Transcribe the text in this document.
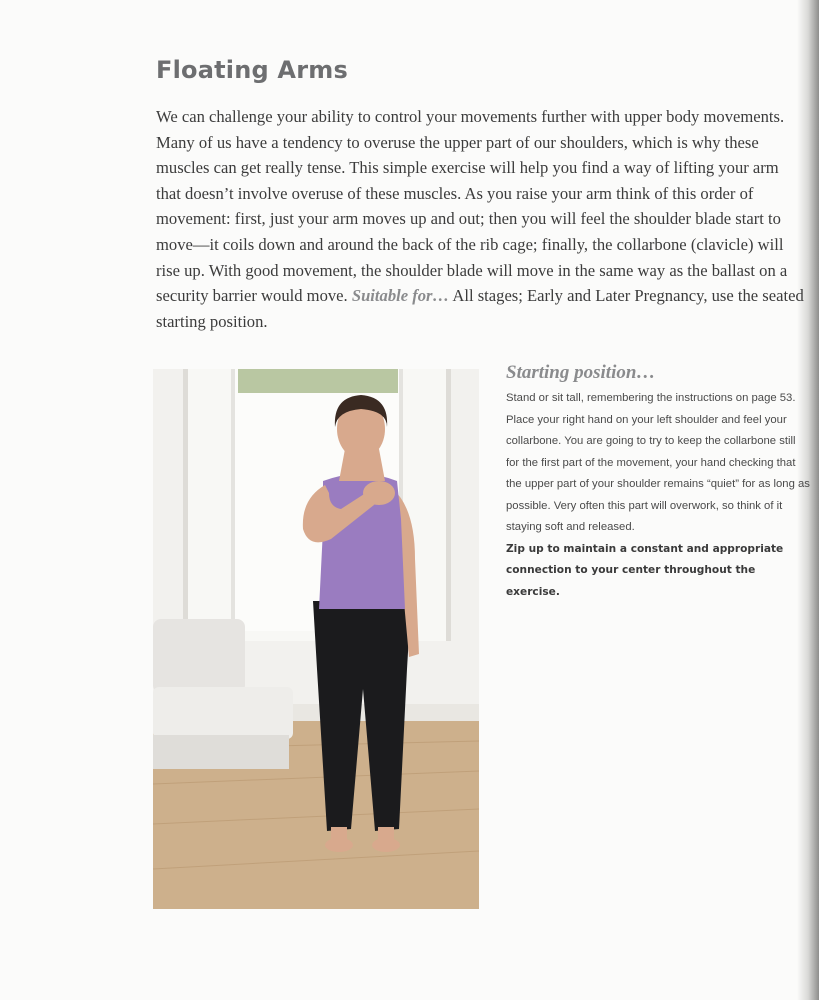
Floating Arms

We can challenge your ability to control your movements further with upper body movements. Many of us have a tendency to overuse the upper part of our shoulders, which is why these muscles can get really tense. This simple exercise will help you find a way of lifting your arm that doesn’t involve overuse of these muscles. As you raise your arm think of this order of movement: first, just your arm moves up and out; then you will feel the shoulder blade start to move—it coils down and around the back of the rib cage; finally, the collarbone (clavicle) will rise up. With good movement, the shoulder blade will move in the same way as the ballast on a security barrier would move. Suitable for… All stages; Early and Later Pregnancy, use the seated starting position.

Starting position…

Stand or sit tall, remembering the instructions on page 53. Place your right hand on your left shoulder and feel your collarbone. You are going to try to keep the collarbone still for the first part of the movement, your hand checking that the upper part of your shoulder remains “quiet” for as long as possible. Very often this part will overwork, so think of it staying soft and released.

Zip up to maintain a constant and appropriate connection to your center throughout the exercise.
